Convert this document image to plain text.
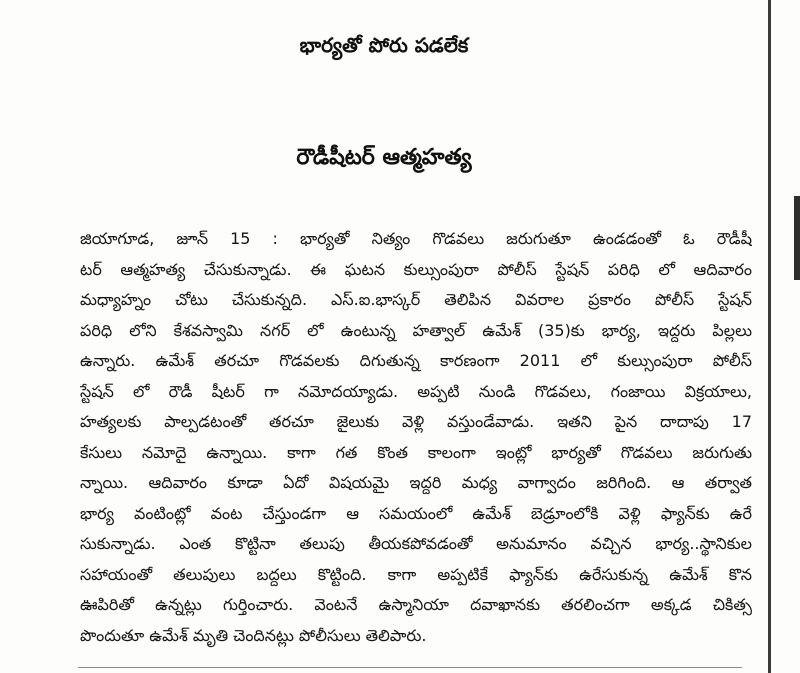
భార్యతో పోరు పడలేక
రౌడీషీటర్ ఆత్మహత్య
జియాగూడ, జూన్ 15 : భార్యతో నిత్యం గొడవలు జరుగుతూ ఉండడంతో ఓ రౌడీషీ
టర్ ఆత్మహత్య చేసుకున్నాడు. ఈ ఘటన కుల్సుంపురా పోలీస్ స్టేషన్ పరిధి లో ఆదివారం
మధ్యాహ్నం చోటు చేసుకున్నది. ఎస్.ఐ.భాస్కర్ తెలిపిన వివరాల ప్రకారం పోలీస్ స్టేషన్
పరిధి లోని కేశవస్వామి నగర్ లో ఉంటున్న హత్వాల్ ఉమేశ్ (35)కు భార్య, ఇద్దరు పిల్లలు
ఉన్నారు. ఉమేశ్ తరచూ గొడవలకు దిగుతున్న కారణంగా 2011 లో కుల్సుంపురా పోలీస్
స్టేషన్ లో రౌడీ షీటర్ గా నమోదయ్యాడు. అప్పటి నుండి గొడవలు, గంజాయి విక్రయాలు,
హత్యలకు పాల్పడటంతో తరచూ జైలుకు వెళ్లి వస్తుండేవాడు. ఇతని పైన దాదాపు 17
కేసులు నమోదై ఉన్నాయి. కాగా గత కొంత కాలంగా ఇంట్లో భార్యతో గొడవలు జరుగుతు
న్నాయి. ఆదివారం కూడా ఏదో విషయమై ఇద్దరి మధ్య వాగ్వాదం జరిగింది. ఆ తర్వాత
భార్య వంటింట్లో వంట చేస్తుండగా ఆ సమయంలో ఉమేశ్ బెడ్రూంలోకి వెళ్లి ఫ్యాన్‌కు ఉరే
సుకున్నాడు. ఎంత కొట్టినా తలుపు తీయకపోవడంతో అనుమానం వచ్చిన భార్య..స్థానికుల
సహాయంతో తలుపులు బద్దలు కొట్టింది. కాగా అప్పటికే ఫ్యాన్‌కు ఉరేసుకున్న ఉమేశ్ కొన
ఊపిరితో ఉన్నట్లు గుర్తించారు. వెంటనే ఉస్మానియా దవాఖానకు తరలించగా అక్కడ చికిత్స
పొందుతూ ఉమేశ్ మృతి చెందినట్లు పోలీసులు తెలిపారు.
